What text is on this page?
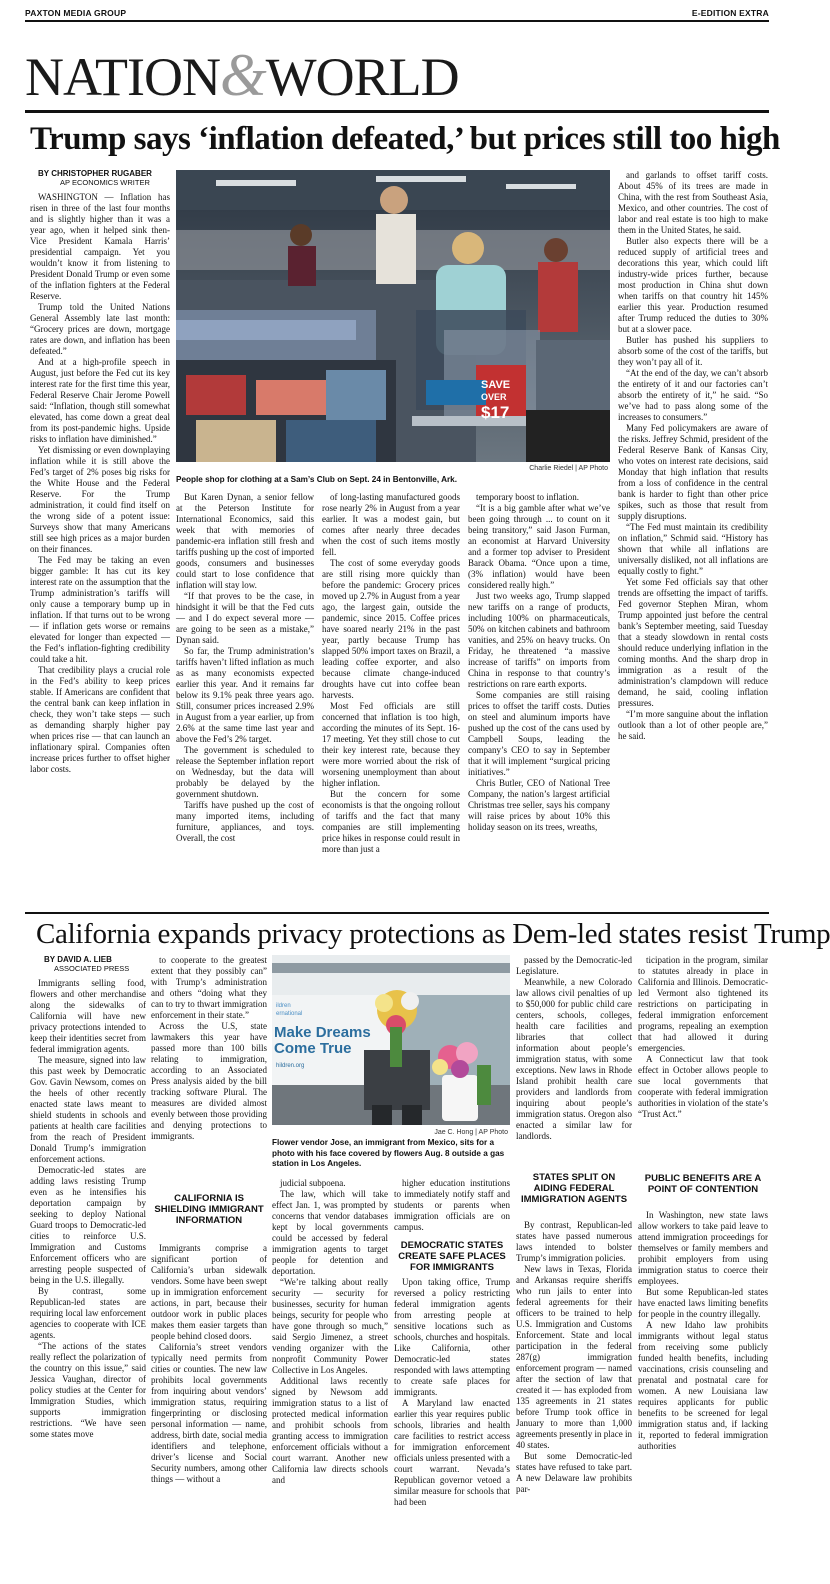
PAXTON MEDIA GROUP	E-EDITION EXTRA
NATION&WORLD
Trump says ‘inflation defeated,’ but prices still too high
BY CHRISTOPHER RUGABER
AP ECONOMICS WRITER

WASHINGTON — Inflation has risen in three of the last four months and is slightly higher than it was a year ago, when it helped sink then-Vice President Kamala Harris’ presidential campaign. Yet you wouldn’t know it from listening to President Donald Trump or even some of the inflation fighters at the Federal Reserve.

Trump told the United Nations General Assembly late last month: “Grocery prices are down, mortgage rates are down, and inflation has been defeated.”

And at a high-profile speech in August, just before the Fed cut its key interest rate for the first time this year, Federal Reserve Chair Jerome Powell said: “Inflation, though still somewhat elevated, has come down a great deal from its post-pandemic highs. Upside risks to inflation have diminished.”

Yet dismissing or even downplaying inflation while it is still above the Fed’s target of 2% poses big risks for the White House and the Federal Reserve. For the Trump administration, it could find itself on the wrong side of a potent issue: Surveys show that many Americans still see high prices as a major burden on their finances.

The Fed may be taking an even bigger gamble: It has cut its key interest rate on the assumption that the Trump administration’s tariffs will only cause a temporary bump up in inflation. If that turns out to be wrong — if inflation gets worse or remains elevated for longer than expected — the Fed’s inflation-fighting credibility could take a hit.

That credibility plays a crucial role in the Fed’s ability to keep prices stable. If Americans are confident that the central bank can keep inflation in check, they won’t take steps — such as demanding sharply higher pay when prices rise — that can launch an inflationary spiral. Companies often increase prices further to offset higher labor costs.

SAVE
OVER
$17
Charlie Riedel | AP Photo
People shop for clothing at a Sam’s Club on Sept. 24 in Bentonville, Ark.

But Karen Dynan, a senior fellow at the Peterson Institute for International Economics, said this week that with memories of pandemic-era inflation still fresh and tariffs pushing up the cost of imported goods, consumers and businesses could start to lose confidence that inflation will stay low.

“If that proves to be the case, in hindsight it will be that the Fed cuts — and I do expect several more — are going to be seen as a mistake,” Dynan said.

So far, the Trump administration’s tariffs haven’t lifted inflation as much as as many economists expected earlier this year. And it remains far below its 9.1% peak three years ago. Still, consumer prices increased 2.9% in August from a year earlier, up from 2.6% at the same time last year and above the Fed’s 2% target.

The government is scheduled to release the September inflation report on Wednesday, but the data will probably be delayed by the government shutdown.

Tariffs have pushed up the cost of many imported items, including furniture, appliances, and toys. Overall, the cost

of long-lasting manufactured goods rose nearly 2% in August from a year earlier. It was a modest gain, but comes after nearly three decades when the cost of such items mostly fell.

The cost of some everyday goods are still rising more quickly than before the pandemic: Grocery prices moved up 2.7% in August from a year ago, the largest gain, outside the pandemic, since 2015. Coffee prices have soared nearly 21% in the past year, partly because Trump has slapped 50% import taxes on Brazil, a leading coffee exporter, and also because climate change-induced droughts have cut into coffee bean harvests.

Most Fed officials are still concerned that inflation is too high, according the minutes of its Sept. 16-17 meeting. Yet they still chose to cut their key interest rate, because they were more worried about the risk of worsening unemployment than about higher inflation.

But the concern for some economists is that the ongoing rollout of tariffs and the fact that many companies are still implementing price hikes in response could result in more than just a

temporary boost to inflation.

“It is a big gamble after what we’ve been going through ... to count on it being transitory,” said Jason Furman, an economist at Harvard University and a former top adviser to President Barack Obama. “Once upon a time, (3% inflation) would have been considered really high.”

Just two weeks ago, Trump slapped new tariffs on a range of products, including 100% on pharmaceuticals, 50% on kitchen cabinets and bathroom vanities, and 25% on heavy trucks. On Friday, he threatened “a massive increase of tariffs” on imports from China in response to that country’s restrictions on rare earth exports.

Some companies are still raising prices to offset the tariff costs. Duties on steel and aluminum imports have pushed up the cost of the cans used by Campbell Soups, leading the company’s CEO to say in September that it will implement “surgical pricing initiatives.”

Chris Butler, CEO of National Tree Company, the nation’s largest artificial Christmas tree seller, says his company will raise prices by about 10% this holiday season on its trees, wreaths,

and garlands to offset tariff costs. About 45% of its trees are made in China, with the rest from Southeast Asia, Mexico, and other countries. The cost of labor and real estate is too high to make them in the United States, he said.

Butler also expects there will be a reduced supply of artificial trees and decorations this year, which could lift industry-wide prices further, because most production in China shut down when tariffs on that country hit 145% earlier this year. Production resumed after Trump reduced the duties to 30% but at a slower pace.

Butler has pushed his suppliers to absorb some of the cost of the tariffs, but they won’t pay all of it.

“At the end of the day, we can’t absorb the entirety of it and our factories can’t absorb the entirety of it,” he said. “So we’ve had to pass along some of the increases to consumers.”

Many Fed policymakers are aware of the risks. Jeffrey Schmid, president of the Federal Reserve Bank of Kansas City, who votes on interest rate decisions, said Monday that high inflation that results from a loss of confidence in the central bank is harder to fight than other price spikes, such as those that result from supply disruptions.

“The Fed must maintain its credibility on inflation,” Schmid said. “History has shown that while all inflations are universally disliked, not all inflations are equally costly to fight.”

Yet some Fed officials say that other trends are offsetting the impact of tariffs. Fed governor Stephen Miran, whom Trump appointed just before the central bank’s September meeting, said Tuesday that a steady slowdown in rental costs should reduce underlying inflation in the coming months. And the sharp drop in immigration as a result of the administration’s clampdown will reduce demand, he said, cooling inflation pressures.

“I’m more sanguine about the inflation outlook than a lot of other people are,” he said.

California expands privacy protections as Dem-led states resist Trump
BY DAVID A. LIEB
ASSOCIATED PRESS

Immigrants selling food, flowers and other merchandise along the sidewalks of California will have new privacy protections intended to keep their identities secret from federal immigration agents.

The measure, signed into law this past week by Democratic Gov. Gavin Newsom, comes on the heels of other recently enacted state laws meant to shield students in schools and patients at health care facilities from the reach of President Donald Trump’s immigration enforcement actions.

Democratic-led states are adding laws resisting Trump even as he intensifies his deportation campaign by seeking to deploy National Guard troops to Democratic-led cities to reinforce U.S. Immigration and Customs Enforcement officers who are arresting people suspected of being in the U.S. illegally.

By contrast, some Republican-led states are requiring local law enforcement agencies to cooperate with ICE agents.

“The actions of the states really reflect the polarization of the country on this issue,” said Jessica Vaughan, director of policy studies at the Center for Immigration Studies, which supports immigration restrictions. “We have seen some states move

to cooperate to the greatest extent that they possibly can” with Trump’s administration and others “doing what they can to try to thwart immigration enforcement in their state.”

Across the U.S, state lawmakers this year have passed more than 100 bills relating to immigration, according to an Associated Press analysis aided by the bill tracking software Plural. The measures are divided almost evenly between those providing and denying protections to immigrants.

CALIFORNIA IS SHIELDING IMMIGRANT INFORMATION

Immigrants comprise a significant portion of California’s urban sidewalk vendors. Some have been swept up in immigration enforcement actions, in part, because their outdoor work in public places makes them easier targets than people behind closed doors.

California’s street vendors typically need permits from cities or counties. The new law prohibits local governments from inquiring about vendors’ immigration status, requiring fingerprinting or disclosing personal information — name, address, birth date, social media identifiers and telephone, driver’s license and Social Security numbers, among other things — without a

ildren
ernational
Make Dreams
Come True
hildren.org
Jae C. Hong | AP Photo
Flower vendor Jose, an immigrant from Mexico, sits for a photo with his face covered by flowers Aug. 8 outside a gas station in Los Angeles.

judicial subpoena.

The law, which will take effect Jan. 1, was prompted by concerns that vendor databases kept by local governments could be accessed by federal immigration agents to target people for detention and deportation.

“We’re talking about really security — security for businesses, security for human beings, security for people who have gone through so much,” said Sergio Jimenez, a street vending organizer with the nonprofit Community Power Collective in Los Angeles.

Additional laws recently signed by Newsom add immigration status to a list of protected medical information and prohibit schools from granting access to immigration enforcement officials without a court warrant. Another new California law directs schools and

higher education institutions to immediately notify staff and students or parents when immigration officials are on campus.

DEMOCRATIC STATES CREATE SAFE PLACES FOR IMMIGRANTS

Upon taking office, Trump reversed a policy restricting federal immigration agents from arresting people at sensitive locations such as schools, churches and hospitals. Like California, other Democratic-led states responded with laws attempting to create safe places for immigrants.

A Maryland law enacted earlier this year requires public schools, libraries and health care facilities to restrict access for immigration enforcement officials unless presented with a court warrant. Nevada’s Republican governor vetoed a similar measure for schools that had been

passed by the Democratic-led Legislature.

Meanwhile, a new Colorado law allows civil penalties of up to $50,000 for public child care centers, schools, colleges, health care facilities and libraries that collect information about people’s immigration status, with some exceptions. New laws in Rhode Island prohibit health care providers and landlords from inquiring about people’s immigration status. Oregon also enacted a similar law for landlords.

STATES SPLIT ON AIDING FEDERAL IMMIGRATION AGENTS

By contrast, Republican-led states have passed numerous laws intended to bolster Trump’s immigration policies.

New laws in Texas, Florida and Arkansas require sheriffs who run jails to enter into federal agreements for their officers to be trained to help U.S. Immigration and Customs Enforcement. State and local participation in the federal 287(g) immigration enforcement program — named after the section of law that created it — has exploded from 135 agreements in 21 states before Trump took office in January to more than 1,000 agreements presently in place in 40 states.

But some Democratic-led states have refused to take part. A new Delaware law prohibits par-

ticipation in the program, similar to statutes already in place in California and Illinois. Democratic-led Vermont also tightened its restrictions on participating in federal immigration enforcement programs, repealing an exemption that had allowed it during emergencies.

A Connecticut law that took effect in October allows people to sue local governments that cooperate with federal immigration authorities in violation of the state’s “Trust Act.”

PUBLIC BENEFITS ARE A POINT OF CONTENTION

In Washington, new state laws allow workers to take paid leave to attend immigration proceedings for themselves or family members and prohibit employers from using immigration status to coerce their employees.

But some Republican-led states have enacted laws limiting benefits for people in the country illegally.

A new Idaho law prohibits immigrants without legal status from receiving some publicly funded health benefits, including vaccinations, crisis counseling and prenatal and postnatal care for women. A new Louisiana law requires applicants for public benefits to be screened for legal immigration status and, if lacking it, reported to federal immigration authorities
